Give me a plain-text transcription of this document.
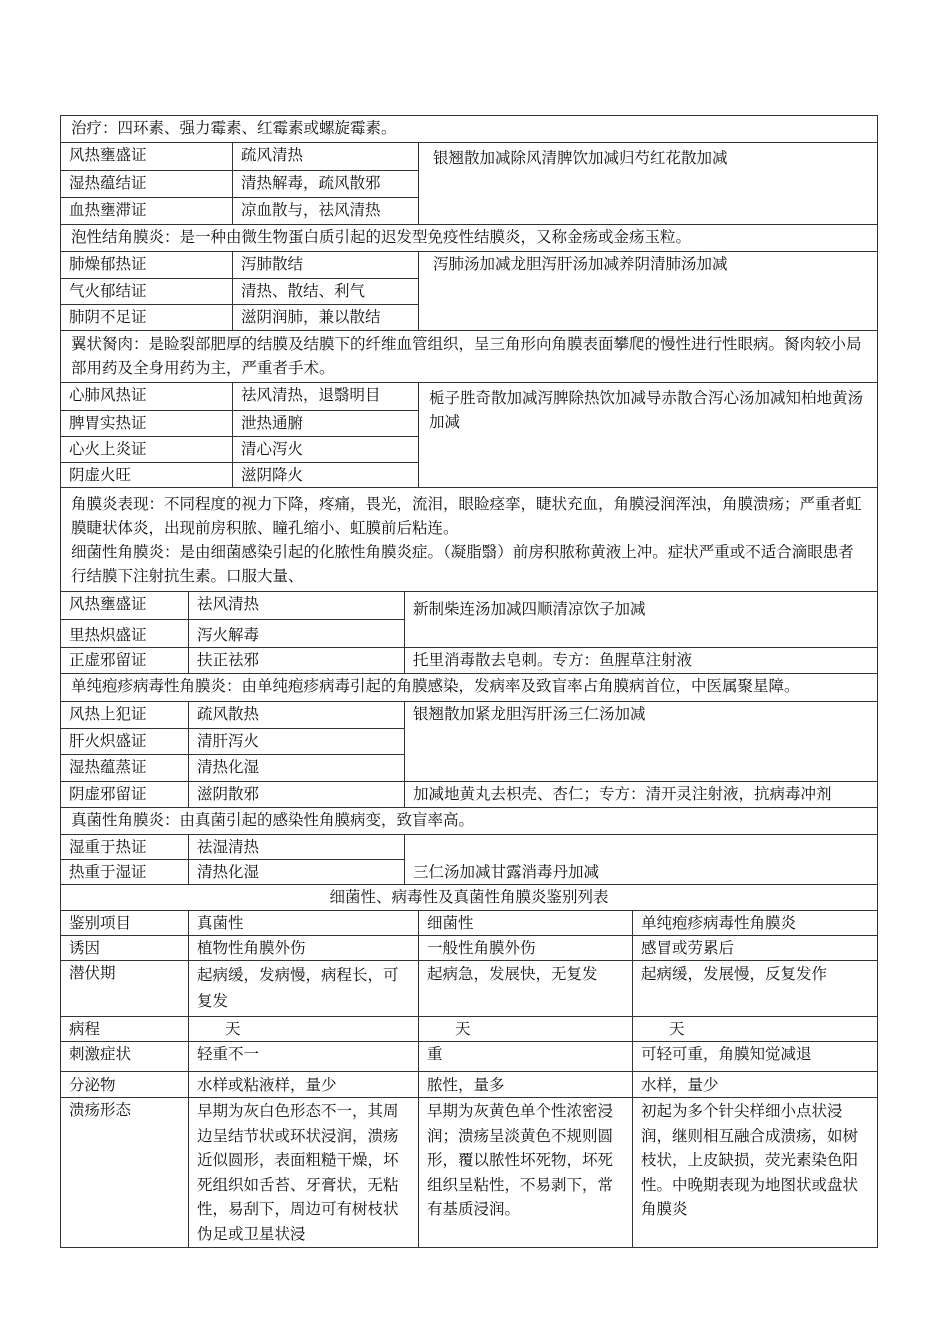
治疗：四环素、强力霉素、红霉素或螺旋霉素。					
风热壅盛证		疏风清热		银翘散加减除风清脾饮加减归芍红花散加减	
湿热蕴结证		清热解毒，疏风散邪			
血热壅滞证		凉血散与，祛风清热			
泡性结角膜炎：是一种由微生物蛋白质引起的迟发型免疫性结膜炎，又称金疡或金疡玉粒。					
肺燥郁热证		泻肺散结		泻肺汤加减龙胆泻肝汤加减养阴清肺汤加减	
气火郁结证		清热、散结、利气			
肺阴不足证		滋阴润肺，兼以散结			
翼状胬肉：是睑裂部肥厚的结膜及结膜下的纤维血管组织，呈三角形向角膜表面攀爬的慢性进行性眼病。胬肉较小局部用药及全身用药为主，严重者手术。					
心肺风热证		祛风清热，退翳明目		栀子胜奇散加减泻脾除热饮加减导赤散合泻心汤加减知柏地黄汤加减	
脾胃实热证		泄热通腑			
心火上炎证		清心泻火			
阴虚火旺		滋阴降火			

角膜炎表现：不同程度的视力下降，疼痛，畏光，流泪，眼睑痉挛，睫状充血，角膜浸润浑浊，角膜溃疡；严重者虹膜睫状体炎，出现前房积脓、瞳孔缩小、虹膜前后粘连。
细菌性角膜炎：是由细菌感染引起的化脓性角膜炎症。（凝脂翳）前房积脓称黄液上冲。症状严重或不适合滴眼患者行结膜下注射抗生素。口服大量、					

风热壅盛证	祛风清热		新制柴连汤加减四顺清凉饮子加减		
里热炽盛证	泻火解毒				
正虚邪留证	扶正祛邪		托里消毒散去皂刺。专方：鱼腥草注射液		
单纯疱疹病毒性角膜炎：由单纯疱疹病毒引起的角膜感染，发病率及致盲率占角膜病首位，中医属聚星障。					
风热上犯证	疏风散热		银翘散加紧龙胆泻肝汤三仁汤加减		
肝火炽盛证	清肝泻火				
湿热蕴蒸证	清热化湿				
阴虚邪留证	滋阴散邪		加减地黄丸去枳壳、杏仁；专方：清开灵注射液，抗病毒冲剂		
真菌性角膜炎：由真菌引起的感染性角膜病变，致盲率高。					
湿重于热证	祛湿清热		三仁汤加减甘露消毒丹加减		
热重于湿证	清热化湿				
细菌性、病毒性及真菌性角膜炎鉴别列表					
鉴别项目	真菌性			细菌性	单纯疱疹病毒性角膜炎
诱因	植物性角膜外伤			一般性角膜外伤	感冒或劳累后
潜伏期	起病缓，发病慢，病程长，可复发			起病急，发展快，无复发	起病缓，发展慢，反复发作
病程	天			天	天
刺激症状	轻重不一			重	可轻可重，角膜知觉减退
分泌物	水样或粘液样，量少			脓性，量多	水样，量少
溃疡形态	早期为灰白色形态不一，其周边呈结节状或环状浸润，溃疡近似圆形，表面粗糙干燥，坏死组织如舌苔、牙膏状，无粘性，易刮下，周边可有树枝状伪足或卫星状浸			早期为灰黄色单个性浓密浸润；溃疡呈淡黄色不规则圆形，覆以脓性坏死物，坏死组织呈粘性，不易剥下，常有基质浸润。	初起为多个针尖样细小点状浸润，继则相互融合成溃疡，如树枝状，上皮缺损，荧光素染色阳性。中晚期表现为地图状或盘状角膜炎
